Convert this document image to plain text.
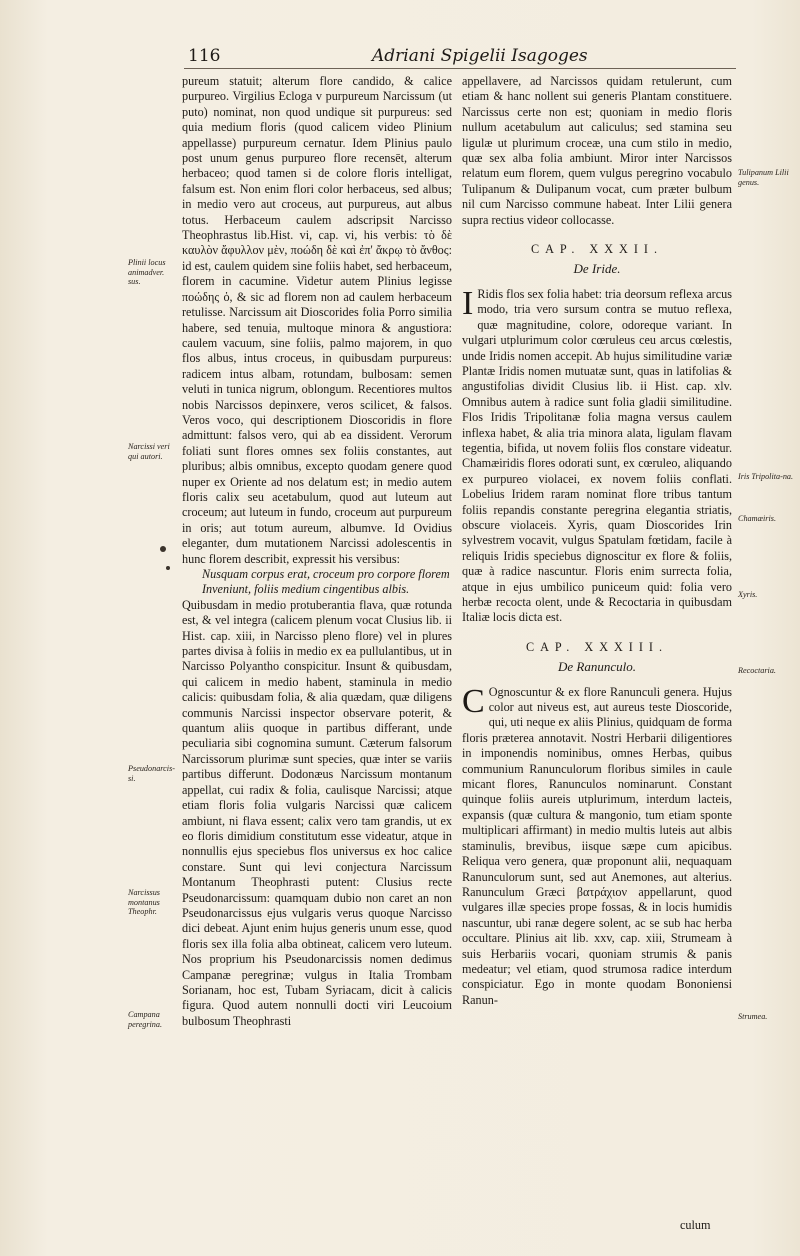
116	Adriani Spigelii Isagoges

pureum statuit; alterum flore candido, & calice purpureo. Virgilius Ecloga v purpureum Narcissum (ut puto) nominat, non quod undique sit purpureus: sed quia medium floris (quod calicem video Plinium appellasse) purpureum cernatur. Idem Plinius paulo post unum genus purpureo flore recensēt, alterum herbaceo; quod tamen si de colore floris intelligat, falsum est. Non enim flori color herbaceus, sed albus; in medio vero aut croceus, aut purpureus, aut albus totus. Herbaceum caulem adscripsit Narcisso Theophrastus lib.Hist. vi, cap. vi, his verbis: τὸ δὲ καυλὸν ἄφυλλον μὲν, ποώδη δὲ καὶ ἐπ' ἄκρῳ τὸ ἄνθος: id est, caulem quidem sine foliis habet, sed herbaceum, florem in cacumine. Videtur autem Plinius legisse ποώδης ὁ, & sic ad florem non ad caulem herbaceum retulisse. Narcissum ait Dioscorides folia Porro similia habere, sed tenuia, multoque minora & angustiora: caulem vacuum, sine foliis, palmo majorem, in quo flos albus, intus croceus, in quibusdam purpureus: radicem intus albam, rotundam, bulbosam: semen veluti in tunica nigrum, oblongum. Recentiores multos nobis Narcissos depinxere, veros scilicet, & falsos. Veros voco, qui descriptionem Dioscoridis in flore admittunt: falsos vero, qui ab ea dissident. Verorum foliati sunt flores omnes sex foliis constantes, aut pluribus; albis omnibus, excepto quodam genere quod nuper ex Oriente ad nos delatum est; in medio autem floris calix seu acetabulum, quod aut luteum aut croceum; aut luteum in fundo, croceum aut purpureum in oris; aut totum aureum, albumve. Id Ovidius eleganter, dum mutationem Narcissi adolescentis in hunc florem describit, expressit his versibus:

Nusquam corpus erat, croceum pro corpore florem

Inveniunt, foliis medium cingentibus albis.

Quibusdam in medio protuberantia flava, quæ rotunda est, & vel integra (calicem plenum vocat Clusius lib. ii Hist. cap. xiii, in Narcisso pleno flore) vel in plures partes divisa à foliis in medio ex ea pullulantibus, ut in Narcisso Polyantho conspicitur. Insunt & quibusdam, qui calicem in medio habent, staminula in medio calicis: quibusdam folia, & alia quædam, quæ diligens communis Narcissi inspector observare poterit, & quantum aliis quoque in partibus differant, unde peculiaria sibi cognomina sumunt. Cæterum falsorum Narcissorum plurimæ sunt species, quæ inter se variis partibus differunt. Dodonæus Narcissum montanum appellat, cui radix & folia, caulisque Narcissi; atque etiam floris folia vulgaris Narcissi quæ calicem ambiunt, ni flava essent; calix vero tam grandis, ut ex eo floris dimidium constitutum esse videatur, atque in nonnullis ejus speciebus flos universus ex hoc calice constare. Sunt qui levi conjectura Narcissum Montanum Theophrasti putent: Clusius recte Pseudonarcissum: quamquam dubio non caret an non Pseudonarcissus ejus vulgaris verus quoque Narcisso dici debeat. Ajunt enim hujus generis unum esse, quod floris sex illa folia alba obtineat, calicem vero luteum. Nos proprium his Pseudonarcissis nomen dedimus Campanæ peregrinæ; vulgus in Italia Trombam Sorianam, hoc est, Tubam Syriacam, dicit à calicis figura. Quod autem nonnulli docti viri Leucoium bulbosum Theophrasti

appellavere, ad Narcissos quidam retulerunt, cum etiam & hanc nollent sui generis Plantam constituere. Narcissus certe non est; quoniam in medio floris nullum acetabulum aut caliculus; sed stamina seu ligulæ ut plurimum croceæ, una cum stilo in medio, quæ sex alba folia ambiunt. Miror inter Narcissos relatum eum florem, quem vulgus peregrino vocabulo Tulipanum & Dulipanum vocat, cum præter bulbum nil cum Narcisso commune habeat. Inter Lilii genera supra rectius videor collocasse.

CAP. XXXII.
De Iride.

I Ridis flos sex folia habet: tria deorsum reflexa arcus modo, tria vero sursum contra se mutuo reflexa, quæ magnitudine, colore, odoreque variant. In vulgari utplurimum color cœruleus ceu arcus cœlestis, unde Iridis nomen accepit. Ab hujus similitudine variæ Plantæ Iridis nomen mutuatæ sunt, quas in latifolias & angustifolias dividit Clusius lib. ii Hist. cap. xlv. Omnibus autem à radice sunt folia gladii similitudine. Flos Iridis Tripolitanæ folia magna versus caulem inflexa habet, & alia tria minora alata, ligulam flavam tegentia, bifida, ut novem foliis flos constare videatur. Chamæiridis flores odorati sunt, ex cœruleo, aliquando ex purpureo violacei, ex novem foliis conflati. Lobelius Iridem raram nominat flore tribus tantum foliis repandis constante peregrina elegantia striatis, obscure violaceis. Xyris, quam Dioscorides Irin sylvestrem vocavit, vulgus Spatulam fœtidam, facile à reliquis Iridis speciebus dignoscitur ex flore & foliis, quæ à radice nascuntur. Floris enim surrecta folia, atque in ejus umbilico puniceum quid: folia vero herbæ recocta olent, unde & Recoctaria in quibusdam Italiæ locis dicta est.

CAP. XXXIII.
De Ranunculo.

C Ognoscuntur & ex flore Ranunculi genera. Hujus color aut niveus est, aut aureus teste Dioscoride, qui, uti neque ex aliis Plinius, quidquam de forma floris præterea annotavit. Nostri Herbarii diligentiores in imponendis nominibus, omnes Herbas, quibus communium Ranunculorum floribus similes in caule micant flores, Ranunculos nominarunt. Constant quinque foliis aureis utplurimum, interdum lacteis, expansis (quæ cultura & mangonio, tum etiam sponte multiplicari affirmant) in medio multis luteis aut albis staminulis, brevibus, iisque sæpe cum apicibus. Reliqua vero genera, quæ proponunt alii, nequaquam Ranunculorum sunt, sed aut Anemones, aut alterius. Ranunculum Græci βατράχιον appellarunt, quod vulgares illæ species prope fossas, & in locis humidis nascuntur, ubi ranæ degere solent, ac se sub hac herba occultare. Plinius ait lib. xxv, cap. xiii, Strumeam à suis Herbariis vocari, quoniam strumis & panis medeatur; vel etiam, quod strumosa radice interdum conspiciatur. Ego in monte quodam Bononiensi Ranun-

Plinii locus animadver. sus.
Narcissi veri qui autori.
Pseudonarcis-si.
Narcissus montanus Theophr.
Campana peregrina.
Tulipanum Lilii genus.
Iris Tripolita-na.
Chamæiris.
Xyris.
Recoctaria.
Strumea.
culum
